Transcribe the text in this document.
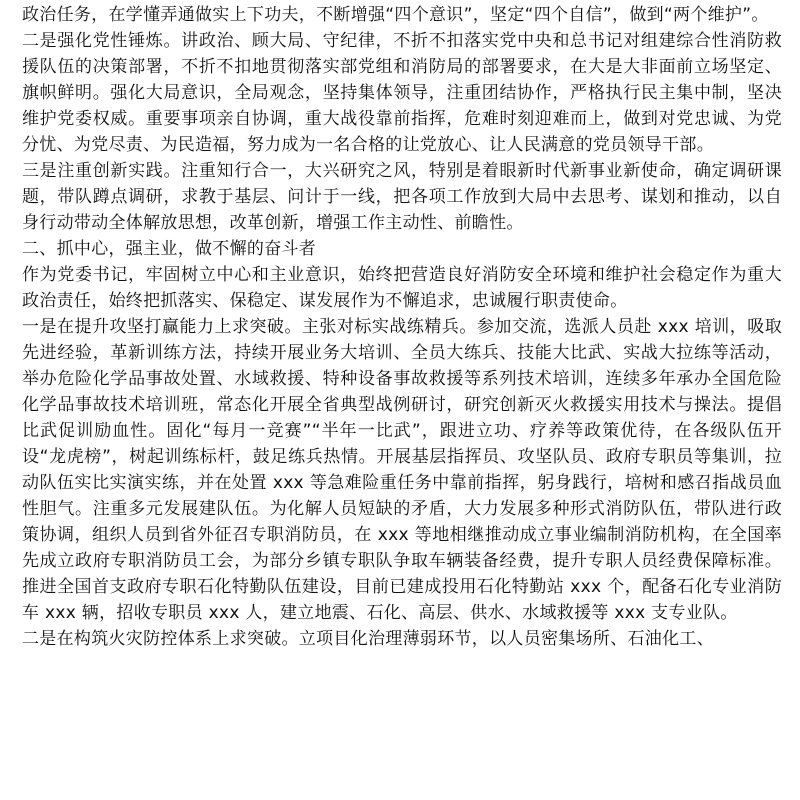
政治任务，在学懂弄通做实上下功夫，不断增强“四个意识”，坚定“四个自信”，做到“两个维护”。

二是强化党性锤炼。讲政治、顾大局、守纪律，不折不扣落实党中央和总书记对组建综合性消防救援队伍的决策部署，不折不扣地贯彻落实部党组和消防局的部署要求，在大是大非面前立场坚定、旗帜鲜明。强化大局意识，全局观念，坚持集体领导，注重团结协作，严格执行民主集中制，坚决维护党委权威。重要事项亲自协调，重大战役靠前指挥，危难时刻迎难而上，做到对党忠诚、为党分忧、为党尽责、为民造福，努力成为一名合格的让党放心、让人民满意的党员领导干部。

三是注重创新实践。注重知行合一，大兴研究之风，特别是着眼新时代新事业新使命，确定调研课题，带队蹲点调研，求教于基层、问计于一线，把各项工作放到大局中去思考、谋划和推动，以自身行动带动全体解放思想，改革创新，增强工作主动性、前瞻性。

二、抓中心，强主业，做不懈的奋斗者

作为党委书记，牢固树立中心和主业意识，始终把营造良好消防安全环境和维护社会稳定作为重大政治责任，始终把抓落实、保稳定、谋发展作为不懈追求，忠诚履行职责使命。

一是在提升攻坚打赢能力上求突破。主张对标实战练精兵。参加交流，选派人员赴 xxx 培训，吸取先进经验，革新训练方法，持续开展业务大培训、全员大练兵、技能大比武、实战大拉练等活动，举办危险化学品事故处置、水域救援、特种设备事故救援等系列技术培训，连续多年承办全国危险化学品事故技术培训班，常态化开展全省典型战例研讨，研究创新灭火救援实用技术与操法。提倡比武促训励血性。固化“每月一竞赛”“半年一比武”，跟进立功、疗养等政策优待，在各级队伍开设“龙虎榜”，树起训练标杆，鼓足练兵热情。开展基层指挥员、攻坚队员、政府专职员等集训，拉动队伍实比实演实练，并在处置 xxx 等急难险重任务中靠前指挥，躬身践行，培树和感召指战员血性胆气。注重多元发展建队伍。为化解人员短缺的矛盾，大力发展多种形式消防队伍，带队进行政策协调，组织人员到省外征召专职消防员，在 xxx 等地相继推动成立事业编制消防机构，在全国率先成立政府专职消防员工会，为部分乡镇专职队争取车辆装备经费，提升专职人员经费保障标准。推进全国首支政府专职石化特勤队伍建设，目前已建成投用石化特勤站 xxx 个，配备石化专业消防车 xxx 辆，招收专职员 xxx 人，建立地震、石化、高层、供水、水域救援等 xxx 支专业队。

二是在构筑火灾防控体系上求突破。立项目化治理薄弱环节，以人员密集场所、石油化工、
